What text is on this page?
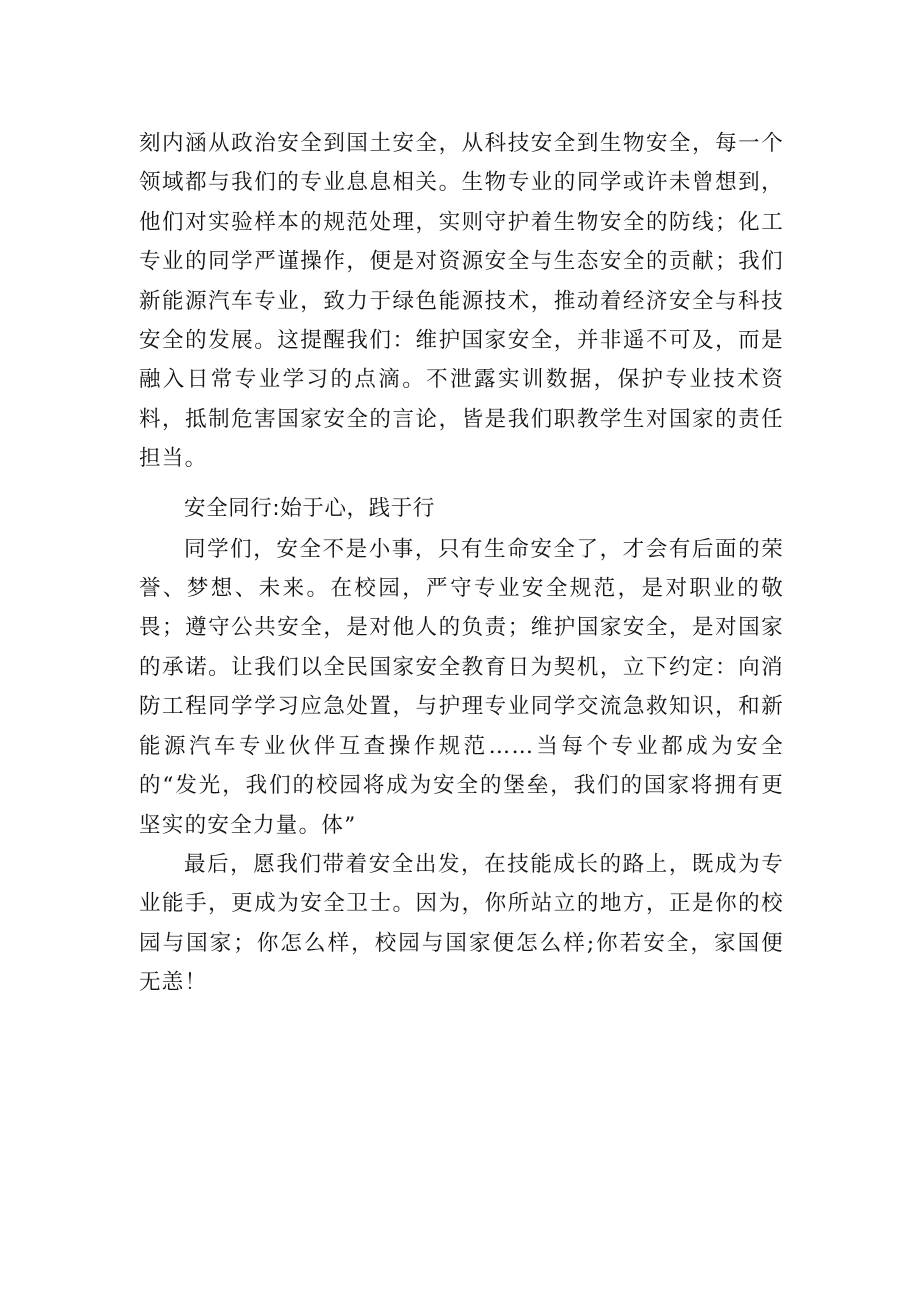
刻内涵从政治安全到国土安全，从科技安全到生物安全，每一个领域都与我们的专业息息相关。生物专业的同学或许未曾想到，他们对实验样本的规范处理，实则守护着生物安全的防线；化工专业的同学严谨操作，便是对资源安全与生态安全的贡献；我们新能源汽车专业，致力于绿色能源技术，推动着经济安全与科技安全的发展。这提醒我们：维护国家安全，并非遥不可及，而是融入日常专业学习的点滴。不泄露实训数据，保护专业技术资料，抵制危害国家安全的言论，皆是我们职教学生对国家的责任担当。

安全同行:始于心，践于行

同学们，安全不是小事，只有生命安全了，才会有后面的荣誉、梦想、未来。在校园，严守专业安全规范，是对职业的敬畏；遵守公共安全，是对他人的负责；维护国家安全，是对国家的承诺。让我们以全民国家安全教育日为契机，立下约定：向消防工程同学学习应急处置，与护理专业同学交流急救知识，和新能源汽车专业伙伴互查操作规范……当每个专业都成为安全的“发光，我们的校园将成为安全的堡垒，我们的国家将拥有更坚实的安全力量。体”

最后，愿我们带着安全出发，在技能成长的路上，既成为专业能手，更成为安全卫士。因为，你所站立的地方，正是你的校园与国家；你怎么样，校园与国家便怎么样;你若安全，家国便无恙！
